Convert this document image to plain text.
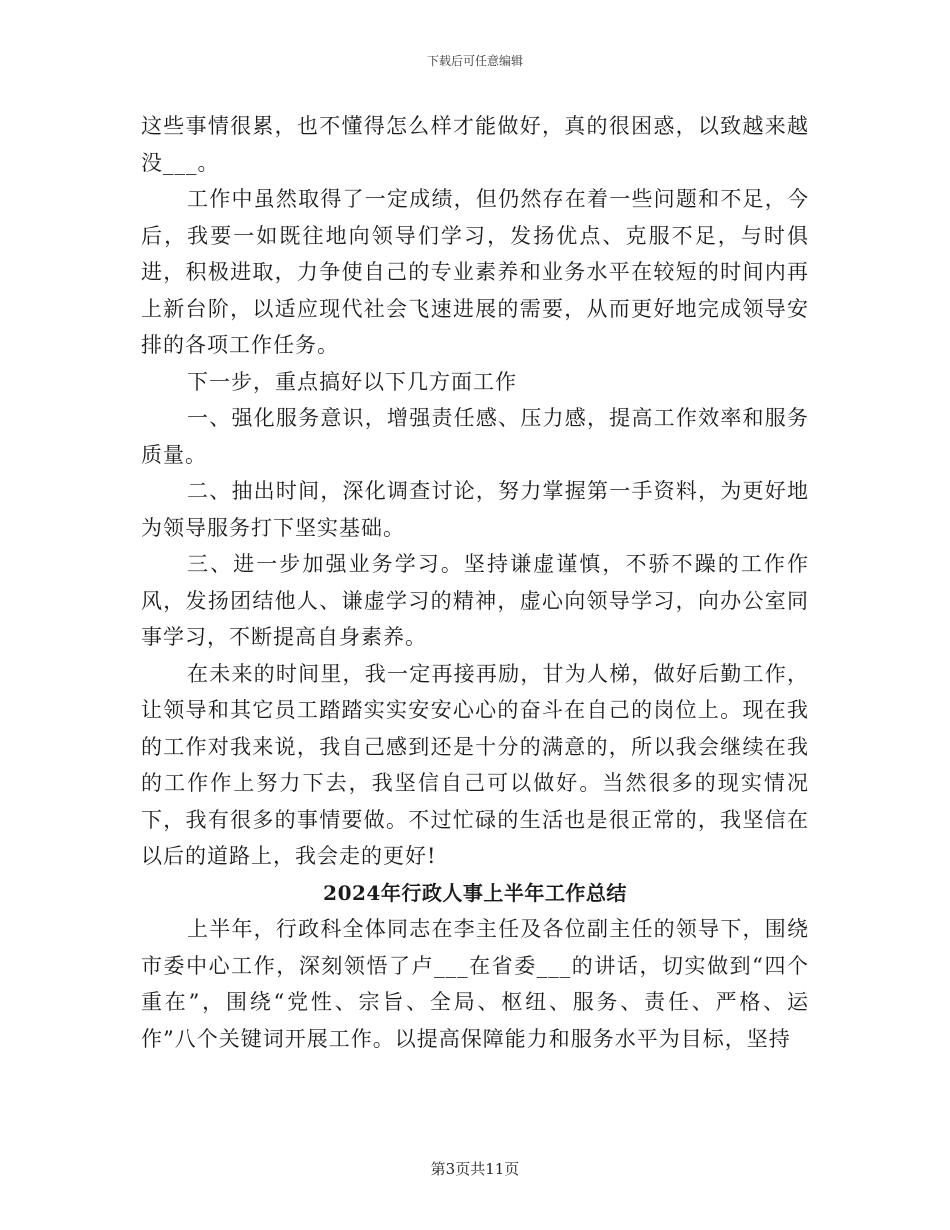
下载后可任意编辑

这些事情很累，也不懂得怎么样才能做好，真的很困惑，以致越来越没___。

工作中虽然取得了一定成绩，但仍然存在着一些问题和不足，今后，我要一如既往地向领导们学习，发扬优点、克服不足，与时俱进，积极进取，力争使自己的专业素养和业务水平在较短的时间内再上新台阶，以适应现代社会飞速进展的需要，从而更好地完成领导安排的各项工作任务。

下一步，重点搞好以下几方面工作

一、强化服务意识，增强责任感、压力感，提高工作效率和服务质量。

二、抽出时间，深化调查讨论，努力掌握第一手资料，为更好地为领导服务打下坚实基础。

三、进一步加强业务学习。坚持谦虚谨慎，不骄不躁的工作作风，发扬团结他人、谦虚学习的精神，虚心向领导学习，向办公室同事学习，不断提高自身素养。

在未来的时间里，我一定再接再励，甘为人梯，做好后勤工作，让领导和其它员工踏踏实实安安心心的奋斗在自己的岗位上。现在我的工作对我来说，我自己感到还是十分的满意的，所以我会继续在我的工作作上努力下去，我坚信自己可以做好。当然很多的现实情况下，我有很多的事情要做。不过忙碌的生活也是很正常的，我坚信在以后的道路上，我会走的更好!

2024年行政人事上半年工作总结

上半年，行政科全体同志在李主任及各位副主任的领导下，围绕市委中心工作，深刻领悟了卢___在省委___的讲话，切实做到“四个重在”，围绕“党性、宗旨、全局、枢纽、服务、责任、严格、运作”八个关键词开展工作。以提高保障能力和服务水平为目标，坚持

第3页共11页
